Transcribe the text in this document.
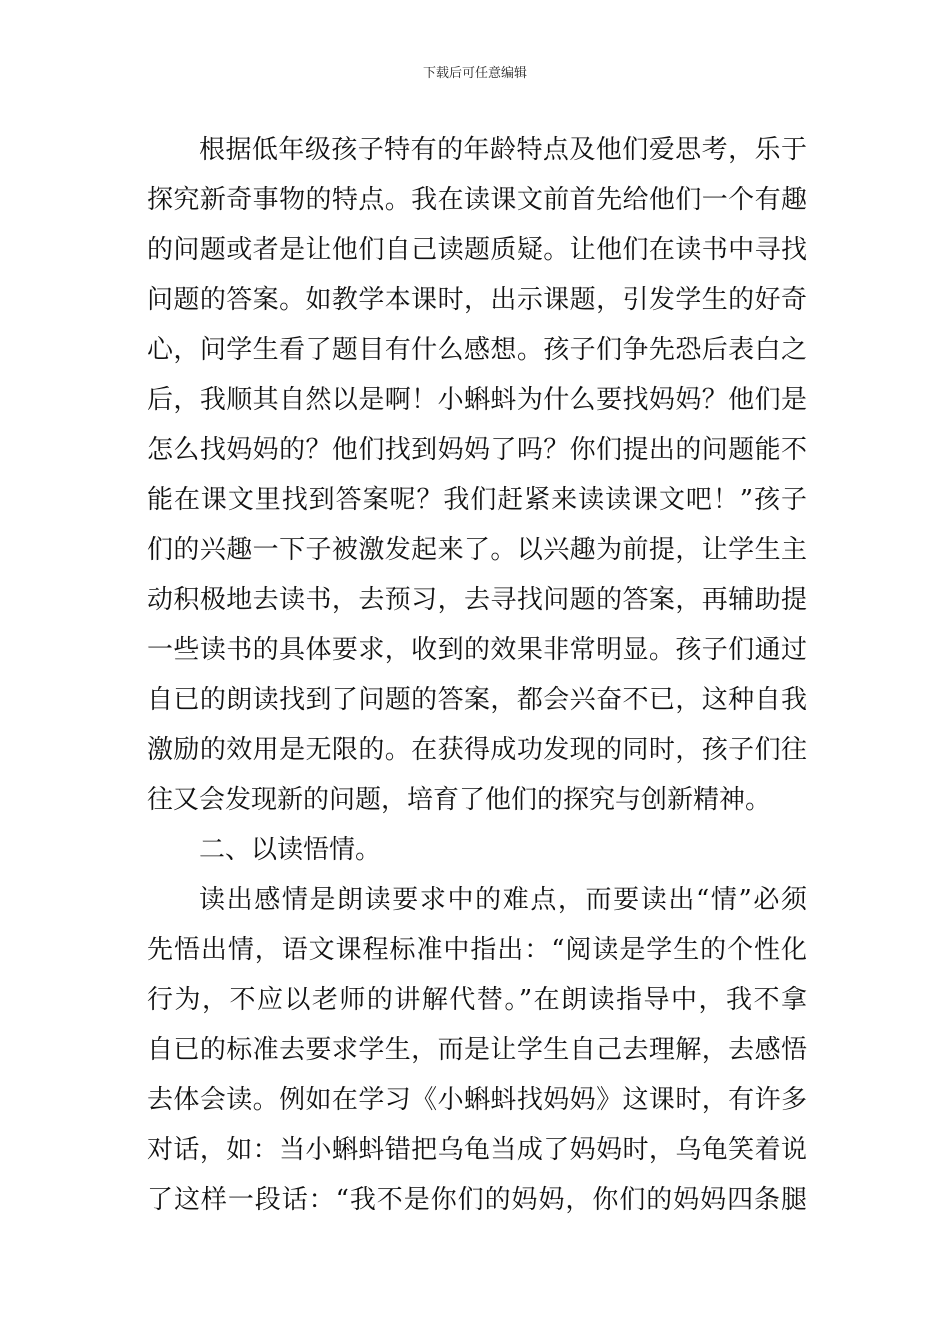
下载后可任意编辑
根据低年级孩子特有的年龄特点及他们爱思考，乐于
探究新奇事物的特点。我在读课文前首先给他们一个有趣
的问题或者是让他们自己读题质疑。让他们在读书中寻找
问题的答案。如教学本课时，出示课题，引发学生的好奇
心，问学生看了题目有什么感想。孩子们争先恐后表白之
后，我顺其自然以是啊！小蝌蚪为什么要找妈妈？他们是
怎么找妈妈的？他们找到妈妈了吗？你们提出的问题能不
能在课文里找到答案呢？我们赶紧来读读课文吧！”孩子
们的兴趣一下子被激发起来了。以兴趣为前提，让学生主
动积极地去读书，去预习，去寻找问题的答案，再辅助提
一些读书的具体要求，收到的效果非常明显。孩子们通过
自已的朗读找到了问题的答案，都会兴奋不已，这种自我
激励的效用是无限的。在获得成功发现的同时，孩子们往
往又会发现新的问题，培育了他们的探究与创新精神。
二、以读悟情。
读出感情是朗读要求中的难点，而要读出“情”必须
先悟出情，语文课程标准中指出：“阅读是学生的个性化
行为，不应以老师的讲解代替。”在朗读指导中，我不拿
自已的标准去要求学生，而是让学生自己去理解，去感悟
去体会读。例如在学习《小蝌蚪找妈妈》这课时，有许多
对话，如：当小蝌蚪错把乌龟当成了妈妈时，乌龟笑着说
了这样一段话：“我不是你们的妈妈，你们的妈妈四条腿
